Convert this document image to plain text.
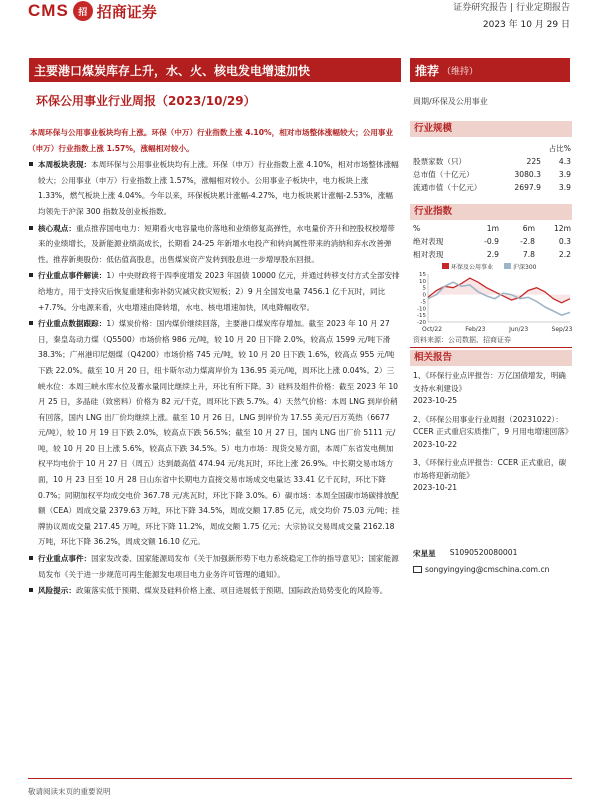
CMS	招 招商证券	证券研究报告 | 行业定期报告
2023 年 10 月 29 日
主要港口煤炭库存上升，水、火、核电发电增速加快	推荐 （维持）
环保公用事业行业周报（2023/10/29）	周期/环保及公用事业

本周环保与公用事业板块均有上涨。环保（中万）行业指数上涨 4.10%，相对市场整体涨幅较大；公用事业（申万）行业指数上涨 1.57%，涨幅相对较小。

本周板块表现：本周环保与公用事业板块均有上涨。环保（申万）行业指数上涨 4.10%，相对市场整体涨幅较大；公用事业（申万）行业指数上涨 1.57%，涨幅相对较小。公用事业子板块中，电力板块上涨 1.33%，燃气板块上涨 4.04%。今年以来，环保板块累计涨幅-4.27%，电力板块累计涨幅-2.53%，涨幅均领先于沪深 300 指数及创业板指数。

核心观点：重点推荐国电电力：短期看火电容量电价落地和业绩修复高弹性，水电量价齐升和控股权校增带来的业绩增长，及新能源业绩高成长，长期看 24-25 年新增水电投产和转向属性带来的消纳和弃水改善弹性。推荐新奥股份：低估值高股息，出售煤炭资产发转到股息进一步增厚股东回报。

行业重点事件解读：1）中央财政将于四季度增发 2023 年国债 10000 亿元，并通过转移支付方式全部安排给地方，用于支持灾后恢复重建和弥补防灾减灾救灾短板；2）9 月全国发电量 7456.1 亿千瓦时，同比+7.7%。分电源来看，火电增速由降转增，水电、核电增速加快，风电降幅收窄。

行业重点数据跟踪：1）煤炭价格：国内煤价继续回落，主要港口煤炭库存增加。截至 2023 年 10 月 27 日，秦皇岛动力煤（Q5500）市场价格 986 元/吨，较 10 月 20 日下降 2.0%，较高点 1599 元/吨下滑 38.3%；广州港印尼烟煤（Q4200）市场价格 745 元/吨，较 10 月 20 日下跌 1.6%，较高点 955 元/吨下跌 22.0%。截至 10 月 20 日，纽卡斯尔动力煤离岸价为 136.95 美元/吨，周环比上涨 0.04%。2）三峡水位：本周三峡水库水位及蓄水量同比继续上升，环比有所下降。3）硅料及组件价格：截至 2023 年 10 月 25 日，多晶硅（致密料）价格为 82 元/千克，周环比下跌 5.7%。4）天然气价格：本周 LNG 到岸价稍有回落，国内 LNG 出厂价均继续上涨。截至 10 月 26 日，LNG 到岸价为 17.55 美元/百万英热（6677 元/吨），较 10 月 19 日下跌 2.0%，较高点下跌 56.5%；截至 10 月 27 日，国内 LNG 出厂价 5111 元/吨，较 10 月 20 日上涨 5.6%，较高点下跌 34.5%。5）电力市场：现货交易方面，本周广东省发电侧加权平均电价于 10 月 27 日（周五）达到最高值 474.94 元/兆瓦时，环比上涨 26.9%。中长期交易市场方面，10 月 23 日至 10 月 28 日山东省中长期电力直接交易市场成交电量达 33.41 亿千瓦时，环比下降 0.7%；同期加权平均成交电价 367.78 元/兆瓦时，环比下降 3.0%。6）碳市场：本周全国碳市场碳排放配额（CEA）周成交量 2379.63 万吨，环比下降 34.5%，周成交额 17.85 亿元，成交均价 75.03 元/吨；挂牌协议周成交量 217.45 万吨，环比下降 11.2%，周成交额 1.75 亿元；大宗协议交易周成交量 2162.18 万吨，环比下降 36.2%，周成交额 16.10 亿元。

行业重点事件：国家发改委、国家能源局发布《关于加强新形势下电力系统稳定工作的指导意见》；国家能源局发布《关于进一步规范可再生能源发电项目电力业务许可管理的通知》。

风险提示：政策落实低于预期、煤炭及硅料价格上涨、项目进展低于预期、国际政治局势变化的风险等。

行业规模
占比%
股票家数（只）	225	4.3
总市值（十亿元）	3080.3	3.9
流通市值（十亿元）	2697.9	3.9
行业指数
%	1m	6m	12m
绝对表现	-0.9	-2.8	0.3
相对表现	2.9	7.8	2.2
环保及公用事业	沪深300
15
10
5
0
-5
-10
-15
-20
Oct/22	Feb/23	Jun/23	Sep/23
资料来源：公司数据、招商证券
相关报告
1、《环保行业点评报告：万亿国债增发，明确支持水利建设》
2023-10-25
2、《环保公用事业行业周报（20231022）：CCER 正式重启实质推广，9 月用电增速回落》
2023-10-22
3、《环保行业点评报告：CCER 正式重启，碳市场将迎新动能》
2023-10-21
宋星星 S1090520080001
songyingying@cmschina.com.cn
敬请阅读末页的重要说明
